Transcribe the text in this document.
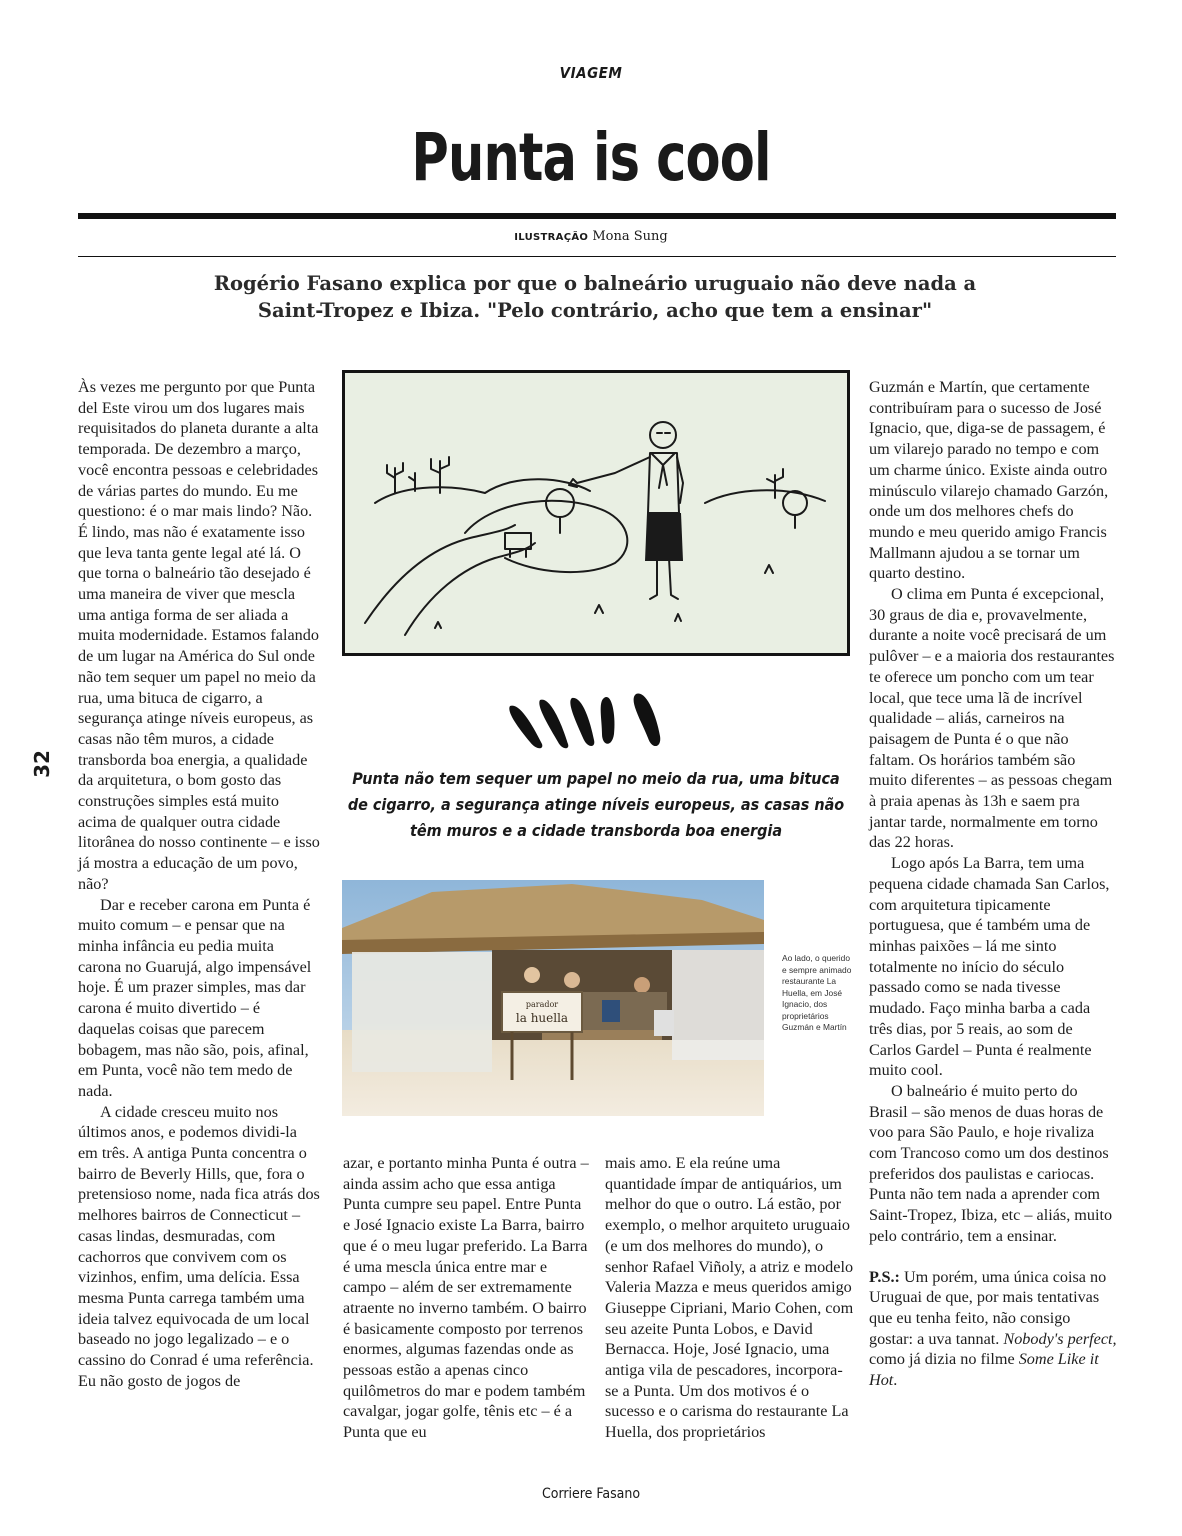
VIAGEM
Punta is cool
ILUSTRAÇÃO Mona Sung
Rogério Fasano explica por que o balneário uruguaio não deve nada a Saint-Tropez e Ibiza. "Pelo contrário, acho que tem a ensinar"
32

Às vezes me pergunto por que Punta del Este virou um dos lugares mais requisitados do planeta durante a alta temporada. De dezembro a março, você encontra pessoas e celebridades de várias partes do mundo. Eu me questiono: é o mar mais lindo? Não. É lindo, mas não é exatamente isso que leva tanta gente legal até lá. O que torna o balneário tão desejado é uma maneira de viver que mescla uma antiga forma de ser aliada a muita modernidade. Estamos falando de um lugar na América do Sul onde não tem sequer um papel no meio da rua, uma bituca de cigarro, a segurança atinge níveis europeus, as casas não têm muros, a cidade transborda boa energia, a qualidade da arquitetura, o bom gosto das construções simples está muito acima de qualquer outra cidade litorânea do nosso continente – e isso já mostra a educação de um povo, não?

Dar e receber carona em Punta é muito comum – e pensar que na minha infância eu pedia muita carona no Guarujá, algo impensável hoje. É um prazer simples, mas dar carona é muito divertido – é daquelas coisas que parecem bobagem, mas não são, pois, afinal, em Punta, você não tem medo de nada.

A cidade cresceu muito nos últimos anos, e podemos dividi-la em três. A antiga Punta concentra o bairro de Beverly Hills, que, fora o pretensioso nome, nada fica atrás dos melhores bairros de Connecticut – casas lindas, desmuradas, com cachorros que convivem com os vizinhos, enfim, uma delícia. Essa mesma Punta carrega também uma ideia talvez equivocada de um local baseado no jogo legalizado – e o cassino do Conrad é uma referência. Eu não gosto de jogos de

Punta não tem sequer um papel no meio da rua, uma bituca de cigarro, a segurança atinge níveis europeus, as casas não têm muros e a cidade transborda boa energia
parador
la huella
Ao lado, o querido e sempre animado restaurante La Huella, em José Ignacio, dos proprietários Guzmán e Martín

azar, e portanto minha Punta é outra – ainda assim acho que essa antiga Punta cumpre seu papel. Entre Punta e José Ignacio existe La Barra, bairro que é o meu lugar preferido. La Barra é uma mescla única entre mar e campo – além de ser extremamente atraente no inverno também. O bairro é basicamente composto por terrenos enormes, algumas fazendas onde as pessoas estão a apenas cinco quilômetros do mar e podem também cavalgar, jogar golfe, tênis etc – é a Punta que eu

mais amo. E ela reúne uma quantidade ímpar de antiquários, um melhor do que o outro. Lá estão, por exemplo, o melhor arquiteto uruguaio (e um dos melhores do mundo), o senhor Rafael Viñoly, a atriz e modelo Valeria Mazza e meus queridos amigo Giuseppe Cipriani, Mario Cohen, com seu azeite Punta Lobos, e David Bernacca. Hoje, José Ignacio, uma antiga vila de pescadores, incorpora-se a Punta. Um dos motivos é o sucesso e o carisma do restaurante La Huella, dos proprietários

Guzmán e Martín, que certamente contribuíram para o sucesso de José Ignacio, que, diga-se de passagem, é um vilarejo parado no tempo e com um charme único. Existe ainda outro minúsculo vilarejo chamado Garzón, onde um dos melhores chefs do mundo e meu querido amigo Francis Mallmann ajudou a se tornar um quarto destino.

O clima em Punta é excepcional, 30 graus de dia e, provavelmente, durante a noite você precisará de um pulôver – e a maioria dos restaurantes te oferece um poncho com um tear local, que tece uma lã de incrível qualidade – aliás, carneiros na paisagem de Punta é o que não faltam. Os horários também são muito diferentes – as pessoas chegam à praia apenas às 13h e saem pra jantar tarde, normalmente em torno das 22 horas.

Logo após La Barra, tem uma pequena cidade chamada San Carlos, com arquitetura tipicamente portuguesa, que é também uma de minhas paixões – lá me sinto totalmente no início do século passado como se nada tivesse mudado. Faço minha barba a cada três dias, por 5 reais, ao som de Carlos Gardel – Punta é realmente muito cool.

O balneário é muito perto do Brasil – são menos de duas horas de voo para São Paulo, e hoje rivaliza com Trancoso como um dos destinos preferidos dos paulistas e cariocas. Punta não tem nada a aprender com Saint-Tropez, Ibiza, etc – aliás, muito pelo contrário, tem a ensinar.

P.S.: Um porém, uma única coisa no Uruguai de que, por mais tentativas que eu tenha feito, não consigo gostar: a uva tannat. Nobody's perfect, como já dizia no filme Some Like it Hot.

Corriere Fasano
